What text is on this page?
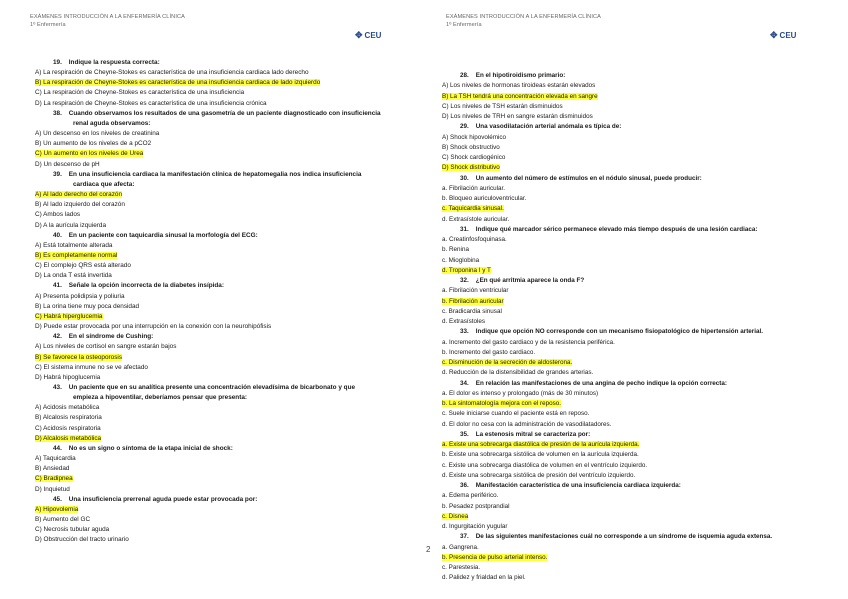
EXÁMENES INTRODUCCIÓN A LA ENFERMERÍA CLÍNICA
1º Enfermería
✥ CEU
19. Indique la respuesta correcta:
A) La respiración de Cheyne-Stokes es característica de una insuficiencia cardiaca lado derecho
B) La respiración de Cheyne-Stokes es característica de una insuficiencia cardiaca de lado izquierdo
C) La respiración de Cheyne-Stokes es característica de una insuficiencia
D) La respiración de Cheyne-Stokes es característica de una insuficiencia crónica
38. Cuando observamos los resultados de una gasometría de un paciente diagnosticado con insuficiencia
renal aguda observamos:
A) Un descenso en los niveles de creatinina
B) Un aumento de los niveles de a pCO2
C) Un aumento en los niveles de Urea
D) Un descenso de pH
39. En una insuficiencia cardiaca la manifestación clínica de hepatomegalia nos indica insuficiencia
cardiaca que afecta:
A) Al lado derecho del corazón
B) Al lado izquierdo del corazón
C) Ambos lados
D) A la aurícula izquierda
40. En un paciente con taquicardia sinusal la morfología del ECG:
A) Está totalmente alterada
B) Es completamente normal
C) El complejo QRS está alterado
D) La onda T está invertida
41. Señale la opción incorrecta de la diabetes insípida:
A) Presenta polidipsia y poliuria
B) La orina tiene muy poca densidad
C) Habrá hiperglucemia
D) Puede estar provocada por una interrupción en la conexión con la neurohipófisis
42. En el síndrome de Cushing:
A) Los niveles de cortisol en sangre estarán bajos
B) Se favorece la osteoporosis
C) El sistema inmune no se ve afectado
D) Habrá hipoglucemia
43. Un paciente que en su analítica presente una concentración elevadísima de bicarbonato y que
empieza a hipoventilar, deberíamos pensar que presenta:
A) Acidosis metabólica
B) Alcalosis respiratoria
C) Acidosis respiratoria
D) Alcalosis metabólica
44. No es un signo o síntoma de la etapa inicial de shock:
A) Taquicardia
B) Ansiedad
C) Bradipnea
D) Inquietud
45. Una insuficiencia prerrenal aguda puede estar provocada por:
A) Hipovolemia
B) Aumento del GC
C) Necrosis tubular aguda
D) Obstrucción del tracto urinario
EXÁMENES INTRODUCCIÓN A LA ENFERMERÍA CLÍNICA
1º Enfermería
✥ CEU
28. En el hipotiroidismo primario:
A) Los niveles de hormonas tiroideas estarán elevados
B) La TSH tendrá una concentración elevada en sangre
C) Los niveles de TSH estarán disminuidos
D) Los niveles de TRH en sangre estarán disminuidos
29. Una vasodilatación arterial anómala es típica de:
A) Shock hipovolémico
B) Shock obstructivo
C) Shock cardiogénico
D) Shock distributivo
30. Un aumento del número de estímulos en el nódulo sinusal, puede producir:
a. Fibrilación auricular.
b. Bloqueo auriculoventricular.
c. Taquicardia sinusal.
d. Extrasístole auricular.
31. Indique qué marcador sérico permanece elevado más tiempo después de una lesión cardiaca:
a. Creatinfosfoquinasa.
b. Renina
c. Mioglobina
d. Troponina I y T
32. ¿En qué arritmia aparece la onda F?
a. Fibrilación ventricular
b. Fibrilación auricular
c. Bradicardia sinusal
d. Extrasístoles
33. Indique que opción NO corresponde con un mecanismo fisiopatológico de hipertensión arterial.
a. Incremento del gasto cardiaco y de la resistencia periférica.
b. Incremento del gasto cardiaco.
c. Disminución de la secreción de aldosterona.
d. Reducción de la distensibilidad de grandes arterias.
34. En relación las manifestaciones de una angina de pecho indique la opción correcta:
a. El dolor es intenso y prolongado (más de 30 minutos)
b. La sintomatología mejora con el reposo.
c. Suele iniciarse cuando el paciente está en reposo.
d. El dolor no cesa con la administración de vasodilatadores.
35. La estenosis mitral se caracteriza por:
a. Existe una sobrecarga diastólica de presión de la aurícula izquierda.
b. Existe una sobrecarga sistólica de volumen en la aurícula izquierda.
c. Existe una sobrecarga diastólica de volumen en el ventrículo izquierdo.
d. Existe una sobrecarga sistólica de presión del ventrículo izquierdo.
36. Manifestación característica de una insuficiencia cardiaca izquierda:
a. Edema periférico.
b. Pesadez postprandial
c. Disnea
d. Ingurgitación yugular
37. De las siguientes manifestaciones cuál no corresponde a un síndrome de isquemia aguda extensa.
a. Gangrena.
b. Presencia de pulso arterial intenso.
c. Parestesia.
d. Palidez y frialdad en la piel.
2
